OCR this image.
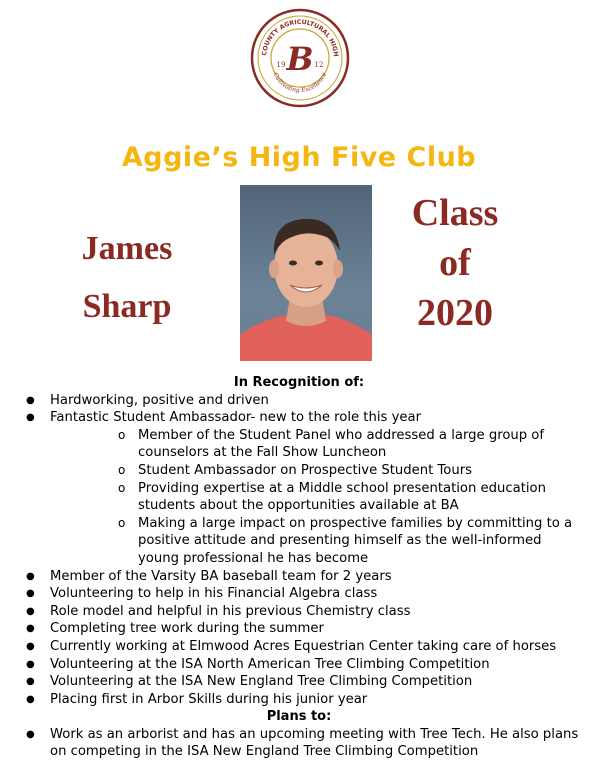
COUNTY AGRICULTURAL HIGH
Cultivating Excellence
B
19	12
Aggie’s High Five Club
James
Sharp
Class
of
2020
In Recognition of:
● Hardworking, positive and driven
● Fantastic Student Ambassador- new to the role this year
o Member of the Student Panel who addressed a large group of counselors at the Fall Show Luncheon
o Student Ambassador on Prospective Student Tours
o Providing expertise at a Middle school presentation education students about the opportunities available at BA
o Making a large impact on prospective families by committing to a positive attitude and presenting himself as the well-informed young professional he has become
● Member of the Varsity BA baseball team for 2 years
● Volunteering to help in his Financial Algebra class
● Role model and helpful in his previous Chemistry class
● Completing tree work during the summer
● Currently working at Elmwood Acres Equestrian Center taking care of horses
● Volunteering at the ISA North American Tree Climbing Competition
● Volunteering at the ISA New England Tree Climbing Competition
● Placing first in Arbor Skills during his junior year
Plans to:
● Work as an arborist and has an upcoming meeting with Tree Tech. He also plans on competing in the ISA New England Tree Climbing Competition
